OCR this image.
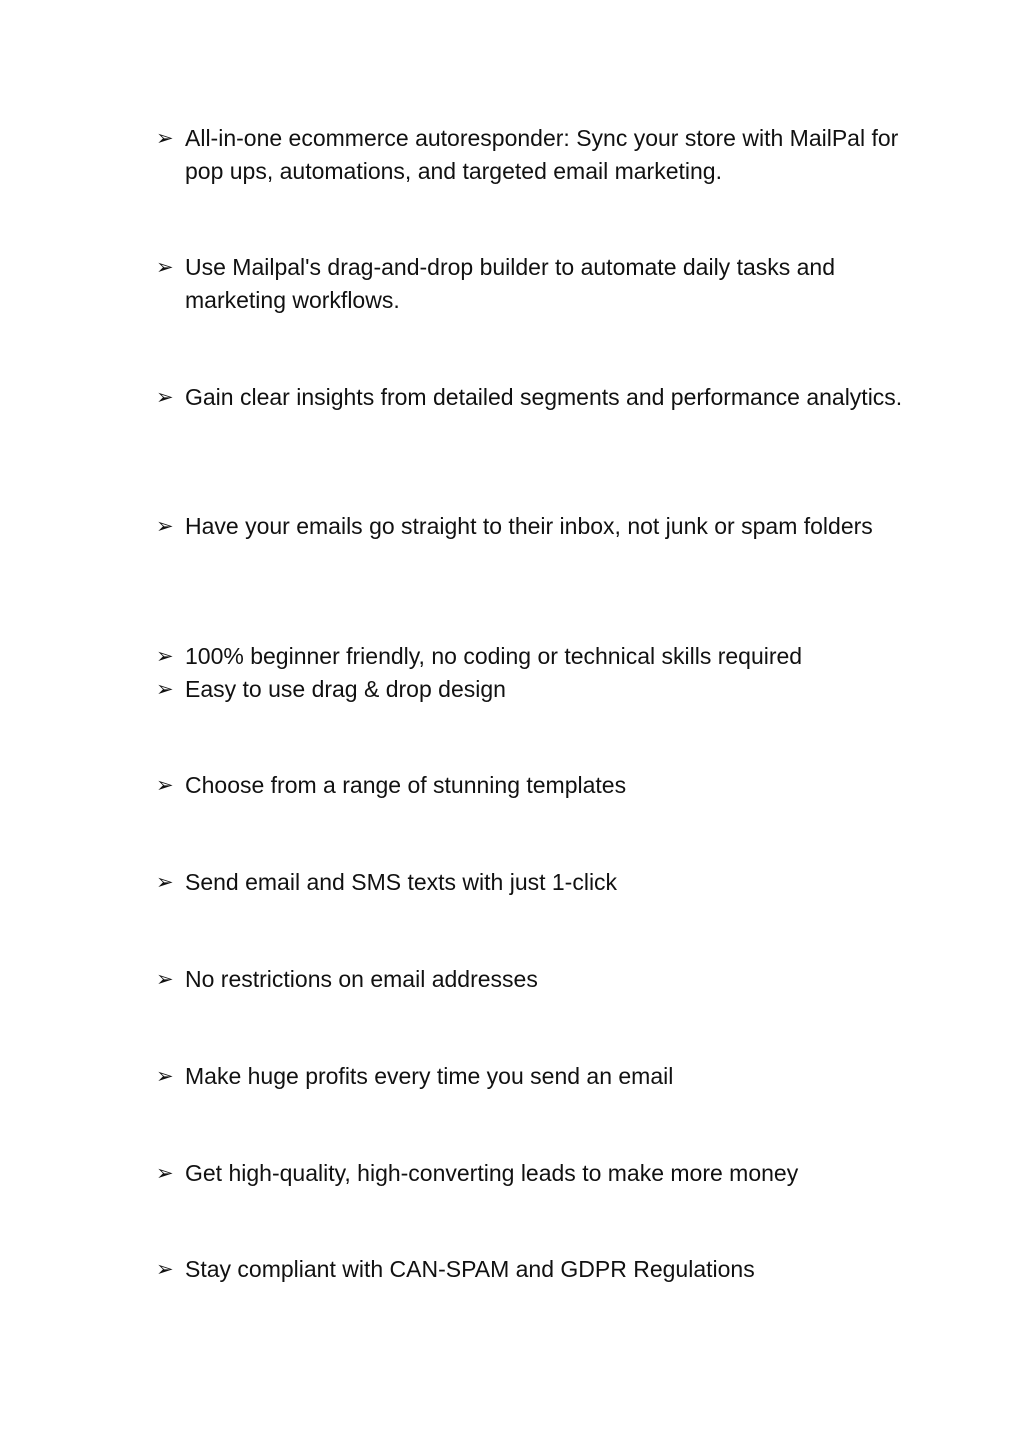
➢ All-in-one ecommerce autoresponder: Sync your store with MailPal for pop ups, automations, and targeted email marketing.
➢ Use Mailpal's drag-and-drop builder to automate daily tasks and marketing workflows.
➢ Gain clear insights from detailed segments and performance analytics.
➢ Have your emails go straight to their inbox, not junk or spam folders
➢ 100% beginner friendly, no coding or technical skills required
➢ Easy to use drag & drop design
➢ Choose from a range of stunning templates
➢ Send email and SMS texts with just 1-click
➢ No restrictions on email addresses
➢ Make huge profits every time you send an email
➢ Get high-quality, high-converting leads to make more money
➢ Stay compliant with CAN-SPAM and GDPR Regulations
